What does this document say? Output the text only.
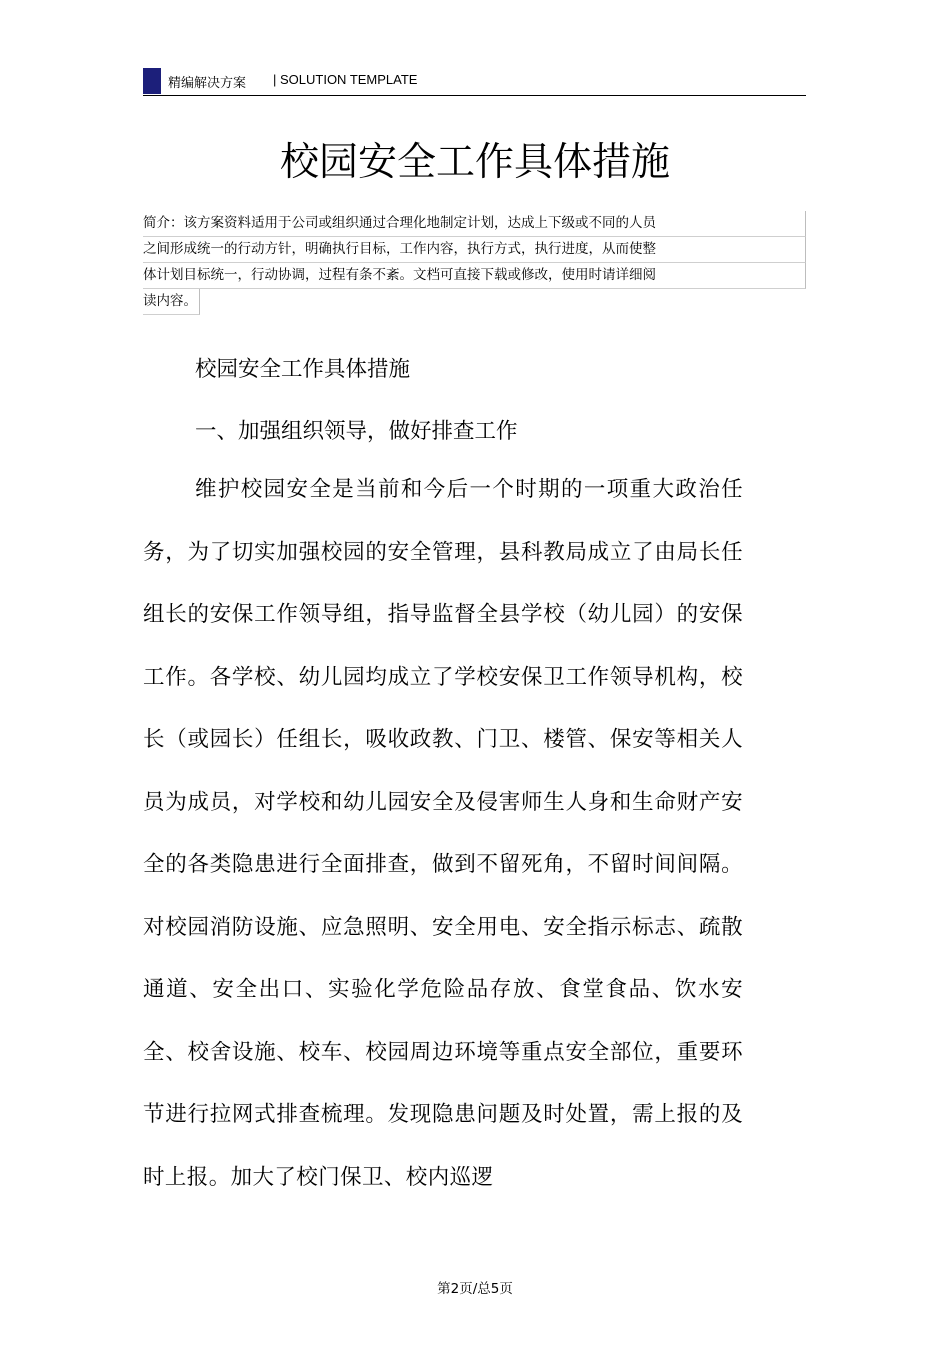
精编解决方案 | SOLUTION TEMPLATE
校园安全工作具体措施
简介：该方案资料适用于公司或组织通过合理化地制定计划，达成上下级或不同的人员
之间形成统一的行动方针，明确执行目标，工作内容，执行方式，执行进度，从而使整
体计划目标统一，行动协调，过程有条不紊。文档可直接下载或修改，使用时请详细阅
读内容。

校园安全工作具体措施

一、加强组织领导，做好排查工作

维护校园安全是当前和今后一个时期的一项重大政治任务，为了切实加强校园的安全管理，县科教局成立了由局长任组长的安保工作领导组，指导监督全县学校（幼儿园）的安保工作。各学校、幼儿园均成立了学校安保卫工作领导机构，校长（或园长）任组长，吸收政教、门卫、楼管、保安等相关人员为成员，对学校和幼儿园安全及侵害师生人身和生命财产安全的各类隐患进行全面排查，做到不留死角，不留时间间隔。对校园消防设施、应急照明、安全用电、安全指示标志、疏散通道、安全出口、实验化学危险品存放、食堂食品、饮水安全、校舍设施、校车、校园周边环境等重点安全部位，重要环节进行拉网式排查梳理。发现隐患问题及时处置，需上报的及时上报。加大了校门保卫、校内巡逻

第2页/总5页
